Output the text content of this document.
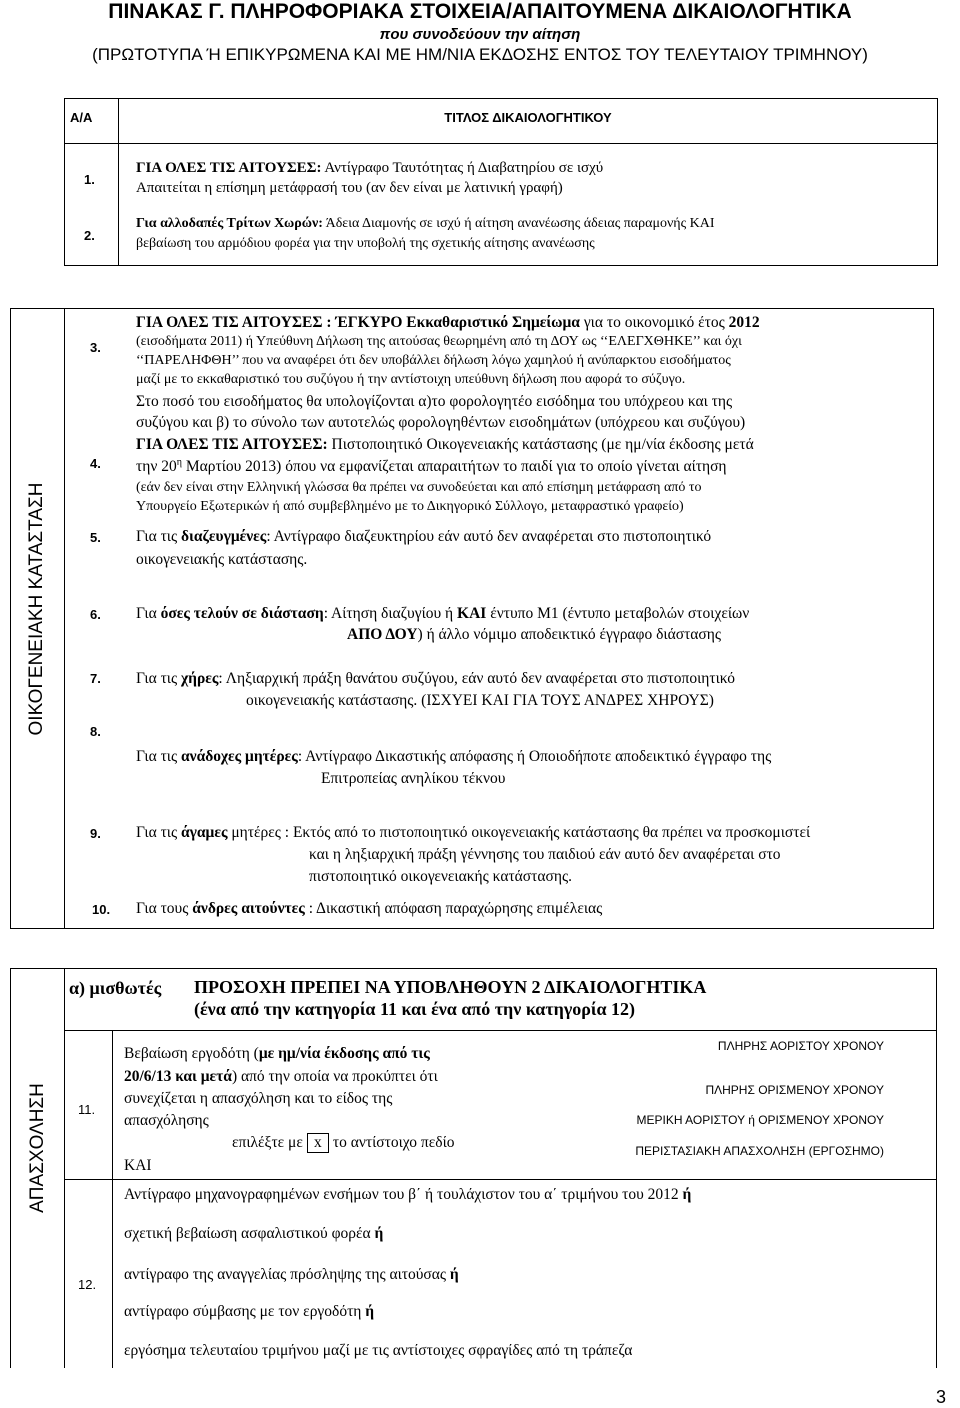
ΠΙΝΑΚΑΣ Γ. ΠΛΗΡΟΦΟΡΙΑΚΑ ΣΤΟΙΧΕΙΑ/ΑΠΑΙΤΟΥΜΕΝΑ ΔΙΚΑΙΟΛΟΓΗΤΙΚΑ
που συνοδεύουν την αίτηση
(ΠΡΩΤΟΤΥΠΑ Ή ΕΠΙΚΥΡΩΜΕΝΑ ΚΑΙ ΜΕ ΗΜ/ΝΙΑ ΕΚΔΟΣΗΣ ΕΝΤΟΣ ΤΟΥ ΤΕΛΕΥΤΑΙΟΥ ΤΡΙΜΗΝΟΥ)
Α/Α	ΤΙΤΛΟΣ ΔΙΚΑΙΟΛΟΓΗΤΙΚΟΥ
1.
ΓΙΑ ΟΛΕΣ ΤΙΣ ΑΙΤΟΥΣΕΣ: Αντίγραφο Ταυτότητας ή Διαβατηρίου σε ισχύ
Απαιτείται η επίσημη μετάφρασή του (αν δεν είναι με λατινική γραφή)
2.
Για αλλοδαπές Τρίτων Χωρών: Άδεια Διαμονής σε ισχύ ή αίτηση ανανέωσης άδειας παραμονής ΚΑΙ
βεβαίωση του αρμόδιου φορέα για την υποβολή της σχετικής αίτησης ανανέωσης
ΟΙΚΟΓΕΝΕΙΑΚΗ ΚΑΤΑΣΤΑΣΗ
3.
ΓΙΑ ΟΛΕΣ ΤΙΣ ΑΙΤΟΥΣΕΣ : ΈΓΚΥΡΟ Εκκαθαριστικό Σημείωμα για το οικονομικό έτος 2012
(εισοδήματα 2011) ή Υπεύθυνη Δήλωση της αιτούσας θεωρημένη από τη ΔΟΥ ως ‘‘ΕΛΕΓΧΘΗΚΕ’’ και όχι
‘‘ΠΑΡΕΛΗΦΘΗ’’ που να αναφέρει ότι δεν υποβάλλει δήλωση λόγω χαμηλού ή ανύπαρκτου εισοδήματος
μαζί με το εκκαθαριστικό του συζύγου ή την αντίστοιχη υπεύθυνη δήλωση που αφορά το σύζυγο.
Στο ποσό του εισοδήματος θα υπολογίζονται α)το φορολογητέο εισόδημα του υπόχρεου και της
συζύγου και β) το σύνολο των αυτοτελώς φορολογηθέντων εισοδημάτων (υπόχρεου και συζύγου)
4.
ΓΙΑ ΟΛΕΣ ΤΙΣ ΑΙΤΟΥΣΕΣ: Πιστοποιητικό Οικογενειακής κατάστασης (με ημ/νία έκδοσης μετά
την $20^\eta$ Μαρτίου 2013) όπου να εμφανίζεται απαραιτήτων το παιδί για το οποίο γίνεται αίτηση
(εάν δεν είναι στην Ελληνική γλώσσα θα πρέπει να συνοδεύεται και από επίσημη μετάφραση από το
Υπουργείο Εξωτερικών ή από συμβεβλημένο με το Δικηγορικό Σύλλογο, μεταφραστικό γραφείο)
5. Για τις διαζευγμένες: Αντίγραφο διαζευκτηρίου εάν αυτό δεν αναφέρεται στο πιστοποιητικό
οικογενειακής κατάστασης.
6. Για όσες τελούν σε διάσταση: Αίτηση διαζυγίου ή ΚΑΙ έντυπο Μ1 (έντυπο μεταβολών στοιχείων
ΑΠΟ ΔΟΥ) ή άλλο νόμιμο αποδεικτικό έγγραφο διάστασης
7. Για τις χήρες: Ληξιαρχική πράξη θανάτου συζύγου, εάν αυτό δεν αναφέρεται στο πιστοποιητικό
οικογενειακής κατάστασης. (ΙΣΧΥΕΙ ΚΑΙ ΓΙΑ ΤΟΥΣ ΑΝΔΡΕΣ ΧΗΡΟΥΣ)
8.
Για τις ανάδοχες μητέρες: Αντίγραφο Δικαστικής απόφασης ή Οποιοδήποτε αποδεικτικό έγγραφο της
Επιτροπείας ανηλίκου τέκνου
9. Για τις άγαμες μητέρες : Εκτός από το πιστοποιητικό οικογενειακής κατάστασης θα πρέπει να προσκομιστεί
και η ληξιαρχική πράξη γέννησης του παιδιού εάν αυτό δεν αναφέρεται στο
πιστοποιητικό οικογενειακής κατάστασης.
10. Για τους άνδρες αιτούντες : Δικαστική απόφαση παραχώρησης επιμέλειας
ΑΠΑΣΧΟΛΗΣΗ
α) μισθωτές ΠΡΟΣΟΧΗ ΠΡΕΠΕΙ ΝΑ ΥΠΟΒΛΗΘΟΥΝ 2 ΔΙΚΑΙΟΛΟΓΗΤΙΚΑ
(ένα από την κατηγορία 11 και ένα από την κατηγορία 12)
11.
Βεβαίωση εργοδότη (με ημ/νία έκδοσης από τις
20/6/13 και μετά) από την οποία να προκύπτει ότι
συνεχίζεται η απασχόληση και το είδος της
απασχόλησης
επιλέξτε με x το αντίστοιχο πεδίο
ΚΑΙ
ΠΛΗΡΗΣ ΑΟΡΙΣΤΟΥ ΧΡΟΝΟΥ
ΠΛΗΡΗΣ ΟΡΙΣΜΕΝΟΥ ΧΡΟΝΟΥ
ΜΕΡΙΚΗ ΑΟΡΙΣΤΟΥ ή ΟΡΙΣΜΕΝΟΥ ΧΡΟΝΟΥ
ΠΕΡΙΣΤΑΣΙΑΚΗ ΑΠΑΣΧΟΛΗΣΗ (ΕΡΓΟΣΗΜΟ)
12.
Αντίγραφο μηχανογραφημένων ενσήμων του β΄ ή τουλάχιστον του α΄ τριμήνου του 2012 ή
σχετική βεβαίωση ασφαλιστικού φορέα ή
αντίγραφο της αναγγελίας πρόσληψης της αιτούσας ή
αντίγραφο σύμβασης με τον εργοδότη ή
εργόσημα τελευταίου τριμήνου μαζί με τις αντίστοιχες σφραγίδες από τη τράπεζα
3
